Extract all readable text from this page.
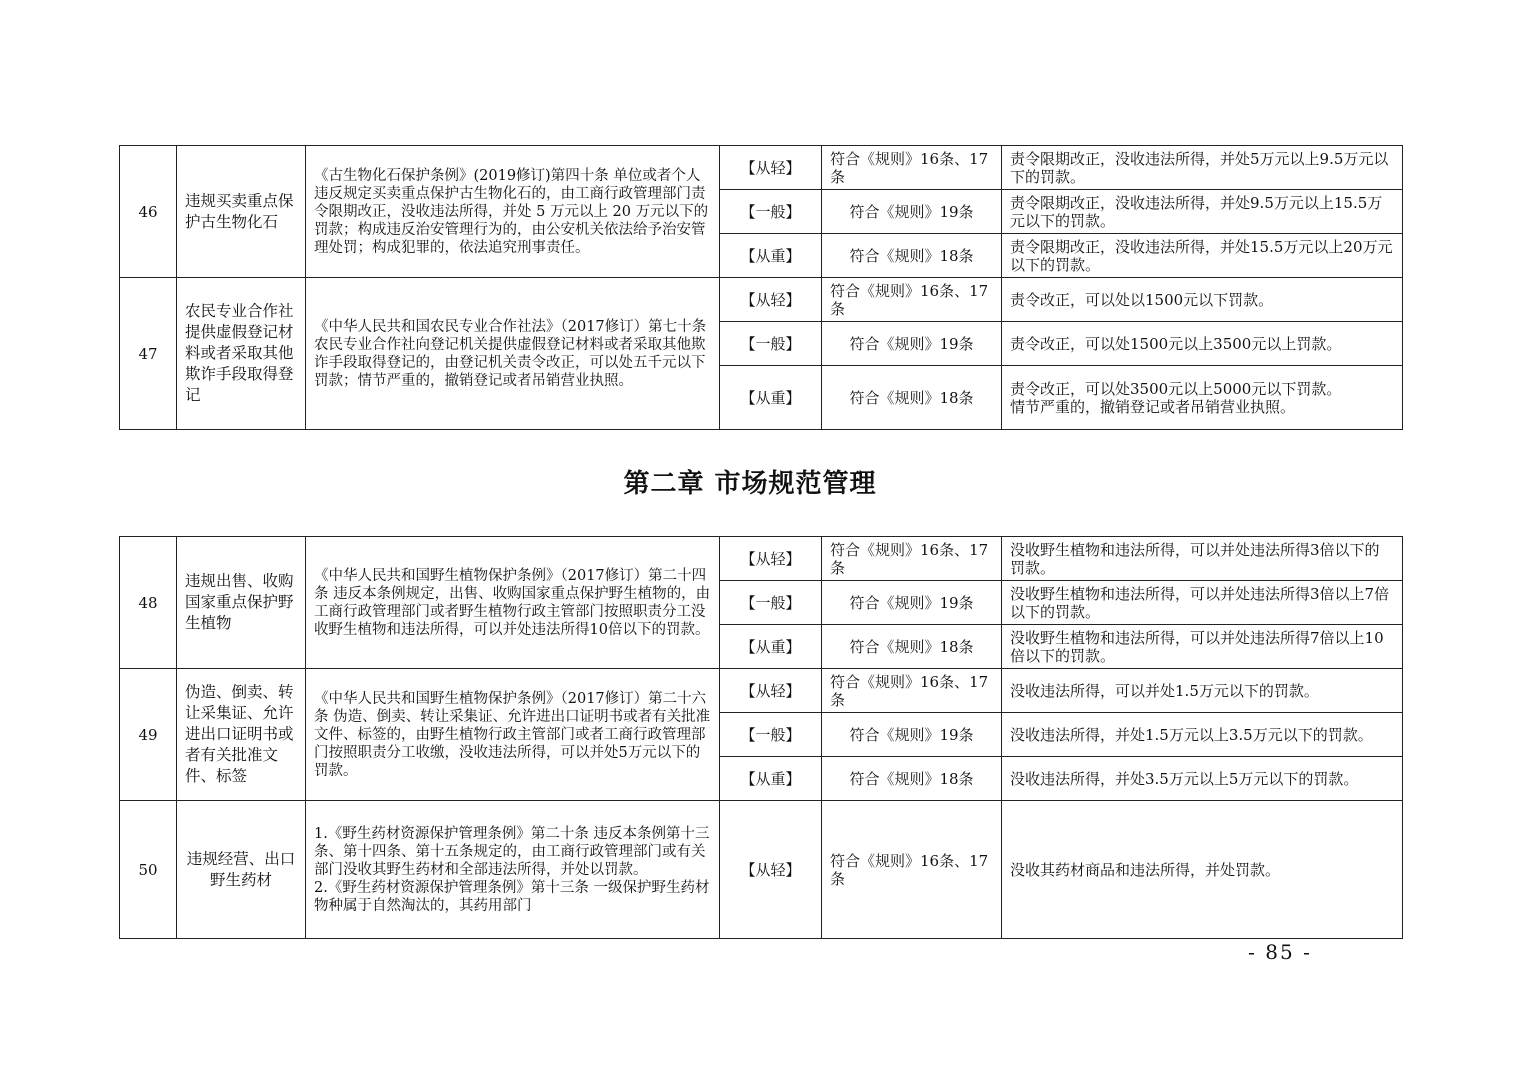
46	违规买卖重点保护古生物化石	《古生物化石保护条例》(2019修订)第四十条 单位或者个人违反规定买卖重点保护古生物化石的，由工商行政管理部门责令限期改正，没收违法所得，并处 5 万元以上 20 万元以下的罚款；构成违反治安管理行为的，由公安机关依法给予治安管理处罚；构成犯罪的，依法追究刑事责任。	【从轻】	符合《规则》16条、17条	责令限期改正，没收违法所得，并处5万元以上9.5万元以下的罚款。
			【一般】	符合《规则》19条	责令限期改正，没收违法所得，并处9.5万元以上15.5万元以下的罚款。
			【从重】	符合《规则》18条	责令限期改正，没收违法所得，并处15.5万元以上20万元以下的罚款。
47	农民专业合作社提供虚假登记材料或者采取其他欺诈手段取得登记	《中华人民共和国农民专业合作社法》（2017修订）第七十条 农民专业合作社向登记机关提供虚假登记材料或者采取其他欺诈手段取得登记的，由登记机关责令改正，可以处五千元以下罚款；情节严重的，撤销登记或者吊销营业执照。	【从轻】	符合《规则》16条、17条	责令改正，可以处以1500元以下罚款。
			【一般】	符合《规则》19条	责令改正，可以处1500元以上3500元以上罚款。
			【从重】	符合《规则》18条	责令改正，可以处3500元以上5000元以下罚款。
情节严重的，撤销登记或者吊销营业执照。
第二章 市场规范管理
48	违规出售、收购国家重点保护野生植物	《中华人民共和国野生植物保护条例》（2017修订）第二十四条 违反本条例规定，出售、收购国家重点保护野生植物的，由工商行政管理部门或者野生植物行政主管部门按照职责分工没收野生植物和违法所得，可以并处违法所得10倍以下的罚款。	【从轻】	符合《规则》16条、17条	没收野生植物和违法所得，可以并处违法所得3倍以下的罚款。
			【一般】	符合《规则》19条	没收野生植物和违法所得，可以并处违法所得3倍以上7倍以下的罚款。
			【从重】	符合《规则》18条	没收野生植物和违法所得，可以并处违法所得7倍以上10倍以下的罚款。
49	伪造、倒卖、转让采集证、允许进出口证明书或者有关批准文件、标签	《中华人民共和国野生植物保护条例》（2017修订）第二十六条 伪造、倒卖、转让采集证、允许进出口证明书或者有关批准文件、标签的，由野生植物行政主管部门或者工商行政管理部门按照职责分工收缴，没收违法所得，可以并处5万元以下的罚款。	【从轻】	符合《规则》16条、17条	没收违法所得，可以并处1.5万元以下的罚款。
			【一般】	符合《规则》19条	没收违法所得，并处1.5万元以上3.5万元以下的罚款。
			【从重】	符合《规则》18条	没收违法所得，并处3.5万元以上5万元以下的罚款。
50	违规经营、出口野生药材	1.《野生药材资源保护管理条例》第二十条 违反本条例第十三条、第十四条、第十五条规定的，由工商行政管理部门或有关部门没收其野生药材和全部违法所得，并处以罚款。
2.《野生药材资源保护管理条例》第十三条 一级保护野生药材物种属于自然淘汰的，其药用部门	【从轻】	符合《规则》16条、17条	没收其药材商品和违法所得，并处罚款。
- 85 -
